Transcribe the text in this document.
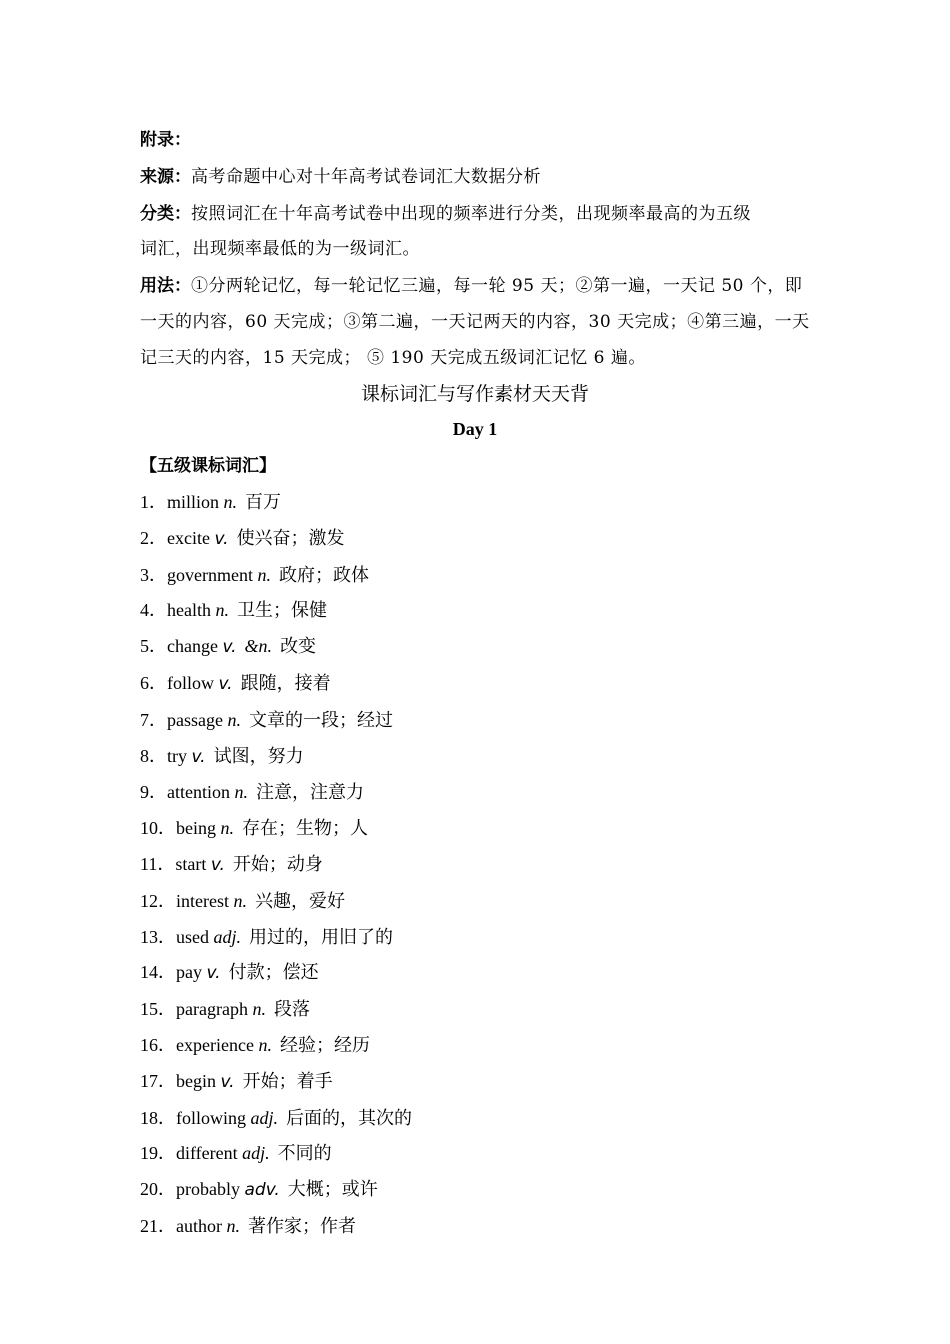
附录：
来源：高考命题中心对十年高考试卷词汇大数据分析
分类：按照词汇在十年高考试卷中出现的频率进行分类，出现频率最高的为五级
词汇，出现频率最低的为一级词汇。
用法：①分两轮记忆，每一轮记忆三遍，每一轮 95 天；②第一遍，一天记 50 个，即
一天的内容，60 天完成；③第二遍，一天记两天的内容，30 天完成；④第三遍，一天
记三天的内容，15 天完成； ⑤ 190 天完成五级词汇记忆 6 遍。
课标词汇与写作素材天天背
Day 1
【五级课标词汇】
1．million n. 百万
2．excite v. 使兴奋；激发
3．government n. 政府；政体
4．health n. 卫生；保健
5．change v. &n. 改变
6．follow v. 跟随，接着
7．passage n. 文章的一段；经过
8．try v. 试图，努力
9．attention n. 注意，注意力
10．being n. 存在；生物；人
11．start v. 开始；动身
12．interest n. 兴趣，爱好
13．used adj. 用过的，用旧了的
14．pay v. 付款；偿还
15．paragraph n. 段落
16．experience n. 经验；经历
17．begin v. 开始；着手
18．following adj. 后面的，其次的
19．different adj. 不同的
20．probably adv. 大概；或许
21．author n. 著作家；作者
